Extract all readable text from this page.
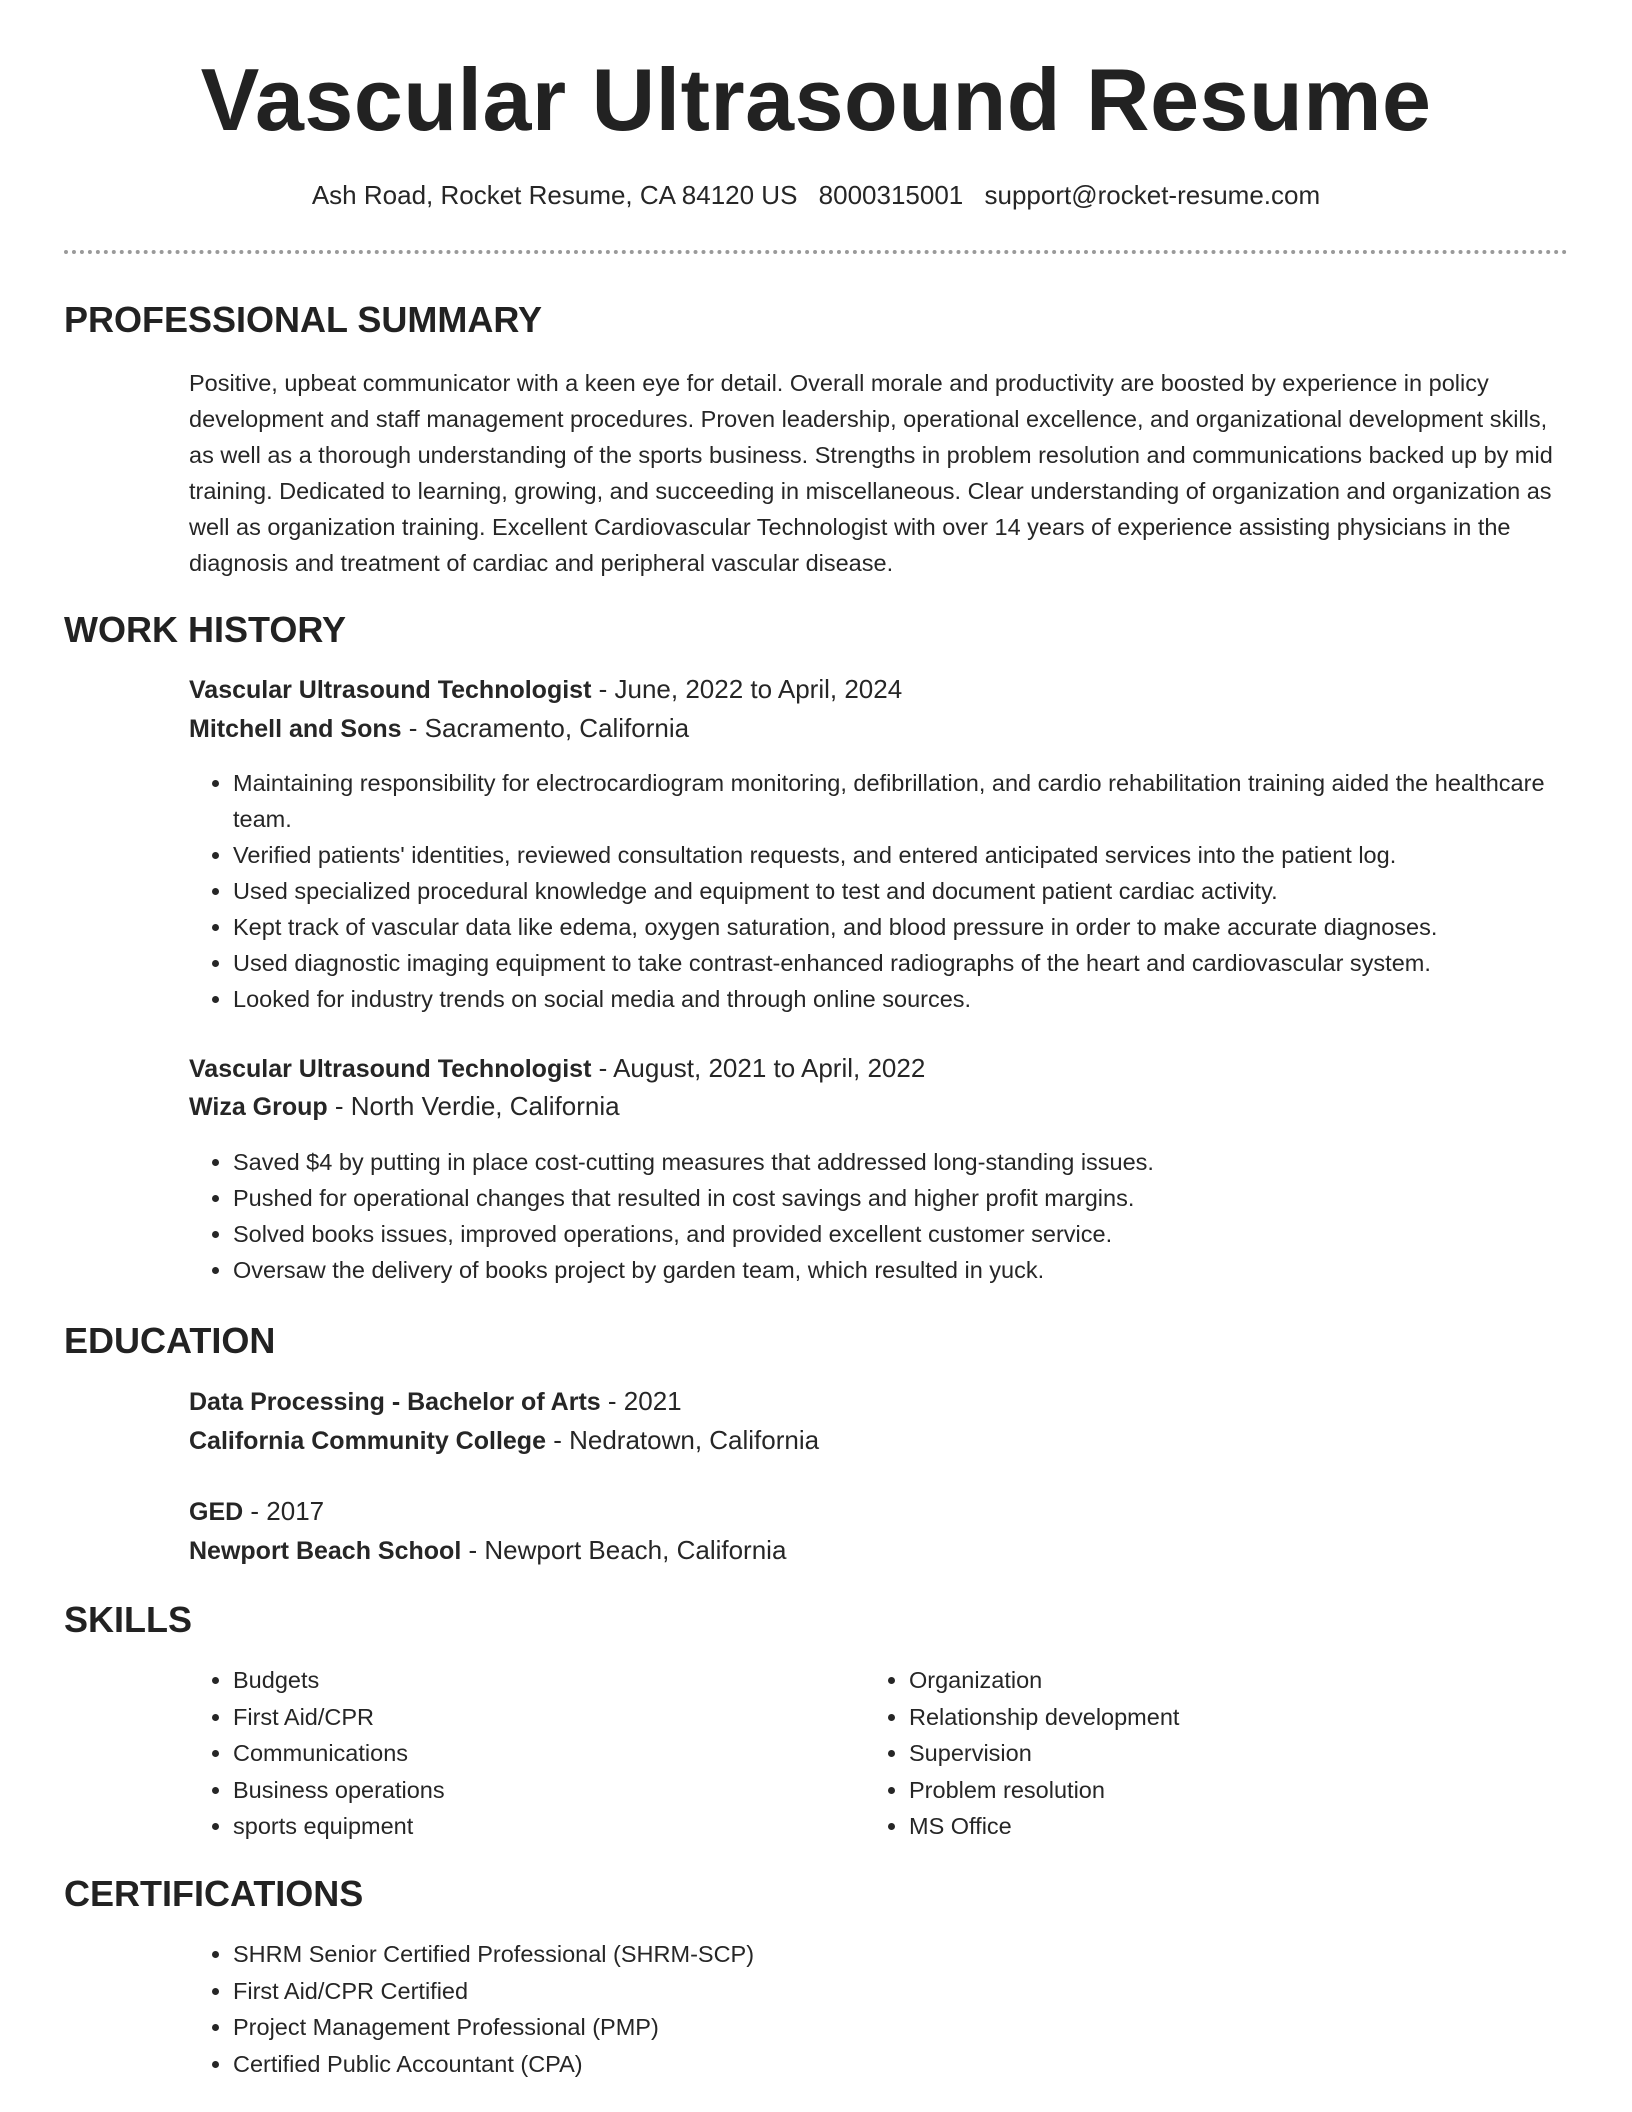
Vascular Ultrasound Resume
Ash Road, Rocket Resume, CA 84120 US 8000315001 support@rocket-resume.com
PROFESSIONAL SUMMARY

Positive, upbeat communicator with a keen eye for detail. Overall morale and productivity are boosted by experience in policy development and staff management procedures. Proven leadership, operational excellence, and organizational development skills, as well as a thorough understanding of the sports business. Strengths in problem resolution and communications backed up by mid training. Dedicated to learning, growing, and succeeding in miscellaneous. Clear understanding of organization and organization as well as organization training. Excellent Cardiovascular Technologist with over 14 years of experience assisting physicians in the diagnosis and treatment of cardiac and peripheral vascular disease.

WORK HISTORY
Vascular Ultrasound Technologist - June, 2022 to April, 2024
Mitchell and Sons - Sacramento, California
• Maintaining responsibility for electrocardiogram monitoring, defibrillation, and cardio rehabilitation training aided the healthcare team.
• Verified patients' identities, reviewed consultation requests, and entered anticipated services into the patient log.
• Used specialized procedural knowledge and equipment to test and document patient cardiac activity.
• Kept track of vascular data like edema, oxygen saturation, and blood pressure in order to make accurate diagnoses.
• Used diagnostic imaging equipment to take contrast-enhanced radiographs of the heart and cardiovascular system.
• Looked for industry trends on social media and through online sources.
Vascular Ultrasound Technologist - August, 2021 to April, 2022
Wiza Group - North Verdie, California
• Saved $4 by putting in place cost-cutting measures that addressed long-standing issues.
• Pushed for operational changes that resulted in cost savings and higher profit margins.
• Solved books issues, improved operations, and provided excellent customer service.
• Oversaw the delivery of books project by garden team, which resulted in yuck.
EDUCATION
Data Processing - Bachelor of Arts - 2021
California Community College - Nedratown, California
GED - 2017
Newport Beach School - Newport Beach, California
SKILLS
• Budgets
• First Aid/CPR
• Communications
• Business operations
• sports equipment
• Organization
• Relationship development
• Supervision
• Problem resolution
• MS Office
CERTIFICATIONS
• SHRM Senior Certified Professional (SHRM-SCP)
• First Aid/CPR Certified
• Project Management Professional (PMP)
• Certified Public Accountant (CPA)
